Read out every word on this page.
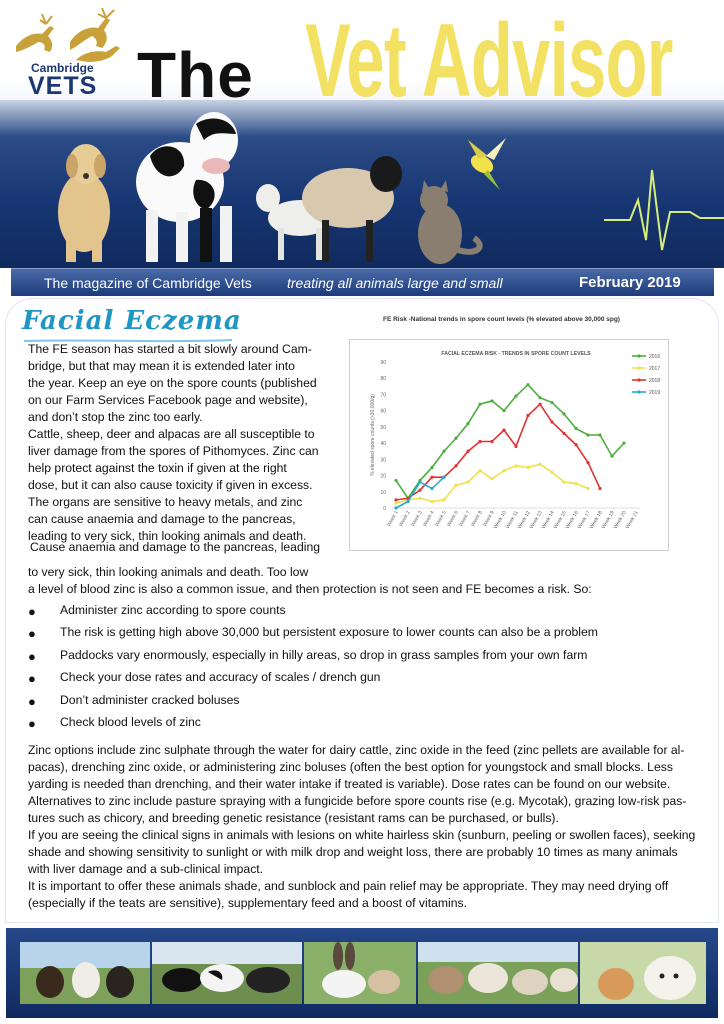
Cambridge
VETS The Vet Advisor
The magazine of Cambridge Vets	treating all animals large and small	February 2019
Facial Eczema

The FE season has started a bit slowly around Cam-

bridge, but that may mean it is extended later into

the year. Keep an eye on the spore counts (published

on our Farm Services Facebook page and website),

and don’t stop the zinc too early.

Cattle, sheep, deer and alpacas are all susceptible to

liver damage from the spores of Pithomyces. Zinc can

help protect against the toxin if given at the right

dose, but it can also cause toxicity if given in excess.

The organs are sensitive to heavy metals, and zinc

can cause anaemia and damage to the pancreas,

leading to very sick, thin looking animals and death.

Cause anaemia and damage to the pancreas, leading

to very sick, thin looking animals and death. Too low

a level of blood zinc is also a common issue, and then protection is not seen and FE becomes a risk. So:

● Administer zinc according to spore counts
● The risk is getting high above 30,000 but persistent exposure to lower counts can also be a problem
● Paddocks vary enormously, especially in hilly areas, so drop in grass samples from your own farm
● Check your dose rates and accuracy of scales / drench gun
● Don’t administer cracked boluses
● Check blood levels of zinc

Zinc options include zinc sulphate through the water for dairy cattle, zinc oxide in the feed (zinc pellets are available for al-

pacas), drenching zinc oxide, or administering zinc boluses (often the best option for youngstock and small blocks. Less

yarding is needed than drenching, and their water intake if treated is variable). Dose rates can be found on our website.

Alternatives to zinc include pasture spraying with a fungicide before spore counts rise (e.g. Mycotak), grazing low-risk pas-

tures such as chicory, and breeding genetic resistance (resistant rams can be purchased, or bulls).

If you are seeing the clinical signs in animals with lesions on white hairless skin (sunburn, peeling or swollen faces), seeking

shade and showing sensitivity to sunlight or with milk drop and weight loss, there are probably 10 times as many animals

with liver damage and a sub-clinical impact.

It is important to offer these animals shade, and sunblock and pain relief may be appropriate. They may need drying off

(especially if the teats are sensitive), supplementary feed and a boost of vitamins.

FE Risk -National trends in spore count levels (% elevated above 30,000 spg)
FACIAL ECZEMA RISK - TRENDS IN SPORE COUNT LEVELS
0
10
20
30
40
50
60
70
80
90
% elevated spore counts (>30,000/g)
Week 1
Week 2
Week 3
Week 4
Week 5
Week 6
Week 7
Week 8
Week 9
Week 10
Week 11
Week 12
Week 13
Week 14
Week 15
Week 16
Week 17
Week 18
Week 19
Week 20
Week 21
2016
2017
2018
2019
